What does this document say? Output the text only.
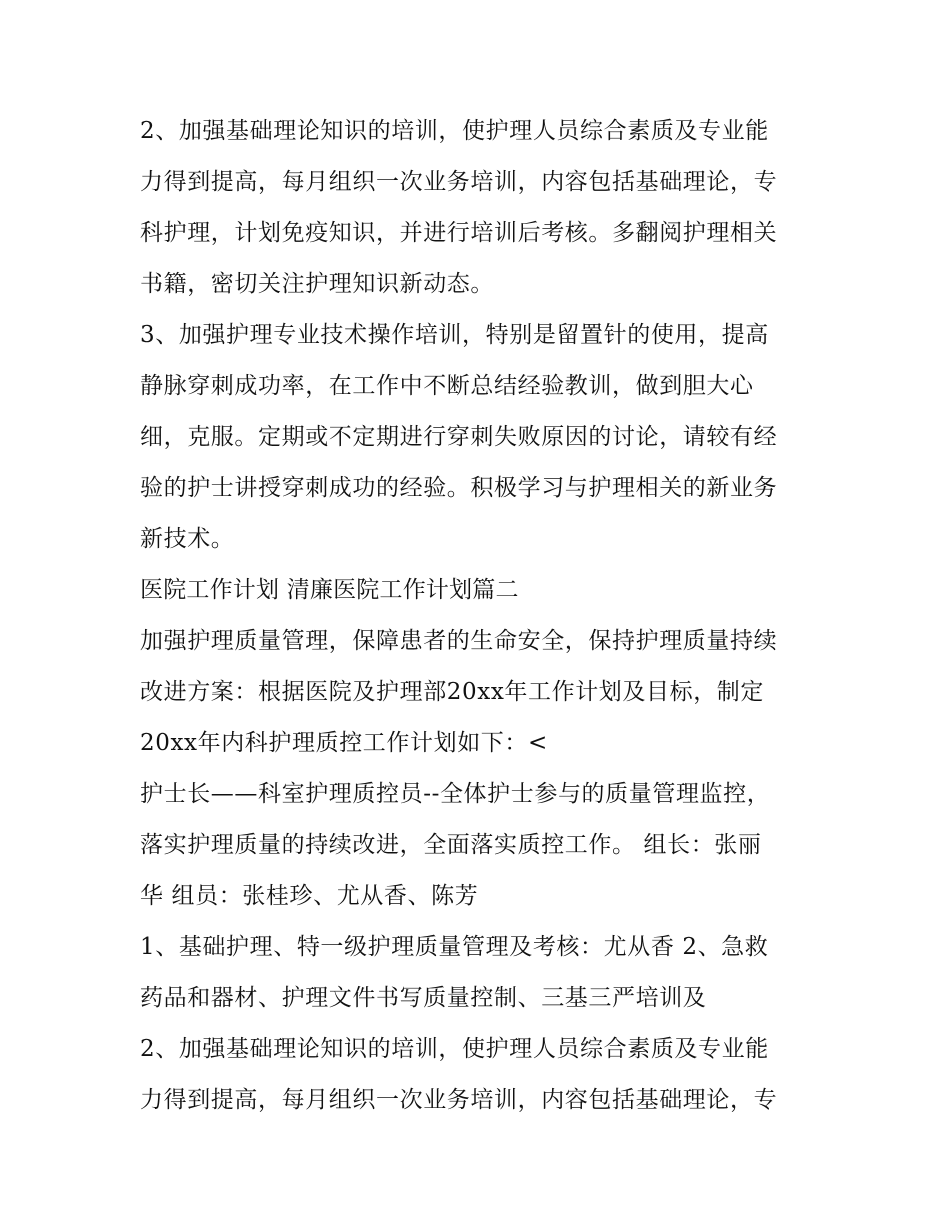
2、加强基础理论知识的培训，使护理人员综合素质及专业能
力得到提高，每月组织一次业务培训，内容包括基础理论，专
科护理，计划免疫知识，并进行培训后考核。多翻阅护理相关
书籍，密切关注护理知识新动态。
3、加强护理专业技术操作培训，特别是留置针的使用，提高
静脉穿刺成功率，在工作中不断总结经验教训，做到胆大心
细，克服。定期或不定期进行穿刺失败原因的讨论，请较有经
验的护士讲授穿刺成功的经验。积极学习与护理相关的新业务
新技术。
医院工作计划 清廉医院工作计划篇二
加强护理质量管理，保障患者的生命安全，保持护理质量持续
改进方案：根据医院及护理部20xx年工作计划及目标，制定
20xx年内科护理质控工作计划如下：<
护士长——科室护理质控员--全体护士参与的质量管理监控，
落实护理质量的持续改进，全面落实质控工作。 组长：张丽
华 组员：张桂珍、尤从香、陈芳
1、基础护理、特一级护理质量管理及考核：尤从香 2、急救
药品和器材、护理文件书写质量控制、三基三严培训及
2、加强基础理论知识的培训，使护理人员综合素质及专业能
力得到提高，每月组织一次业务培训，内容包括基础理论，专
